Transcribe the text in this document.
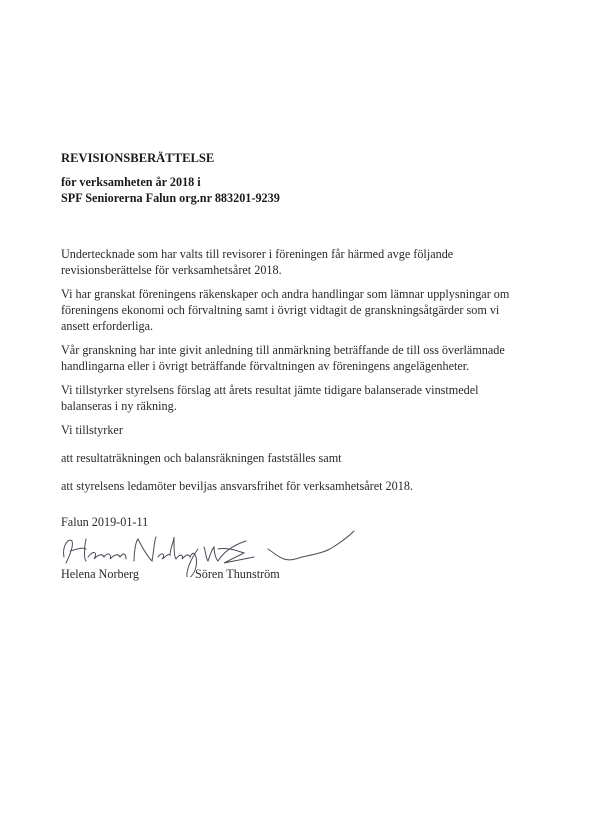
REVISIONSBERÄTTELSE
för verksamheten år 2018 i
SPF Seniorerna Falun org.nr 883201-9239
Undertecknade som har valts till revisorer i föreningen får härmed avge följande
revisionsberättelse för verksamhetsåret 2018.
Vi har granskat föreningens räkenskaper och andra handlingar som lämnar upplysningar om
föreningens ekonomi och förvaltning samt i övrigt vidtagit de granskningsåtgärder som vi
ansett erforderliga.
Vår granskning har inte givit anledning till anmärkning beträffande de till oss överlämnade
handlingarna eller i övrigt beträffande förvaltningen av föreningens angelägenheter.
Vi tillstyrker styrelsens förslag att årets resultat jämte tidigare balanserade vinstmedel
balanseras i ny räkning.
Vi tillstyrker
att resultaträkningen och balansräkningen fastställes samt
att styrelsens ledamöter beviljas ansvarsfrihet för verksamhetsåret 2018.
Falun 2019-01-11
Helena Norberg	Sören Thunström
